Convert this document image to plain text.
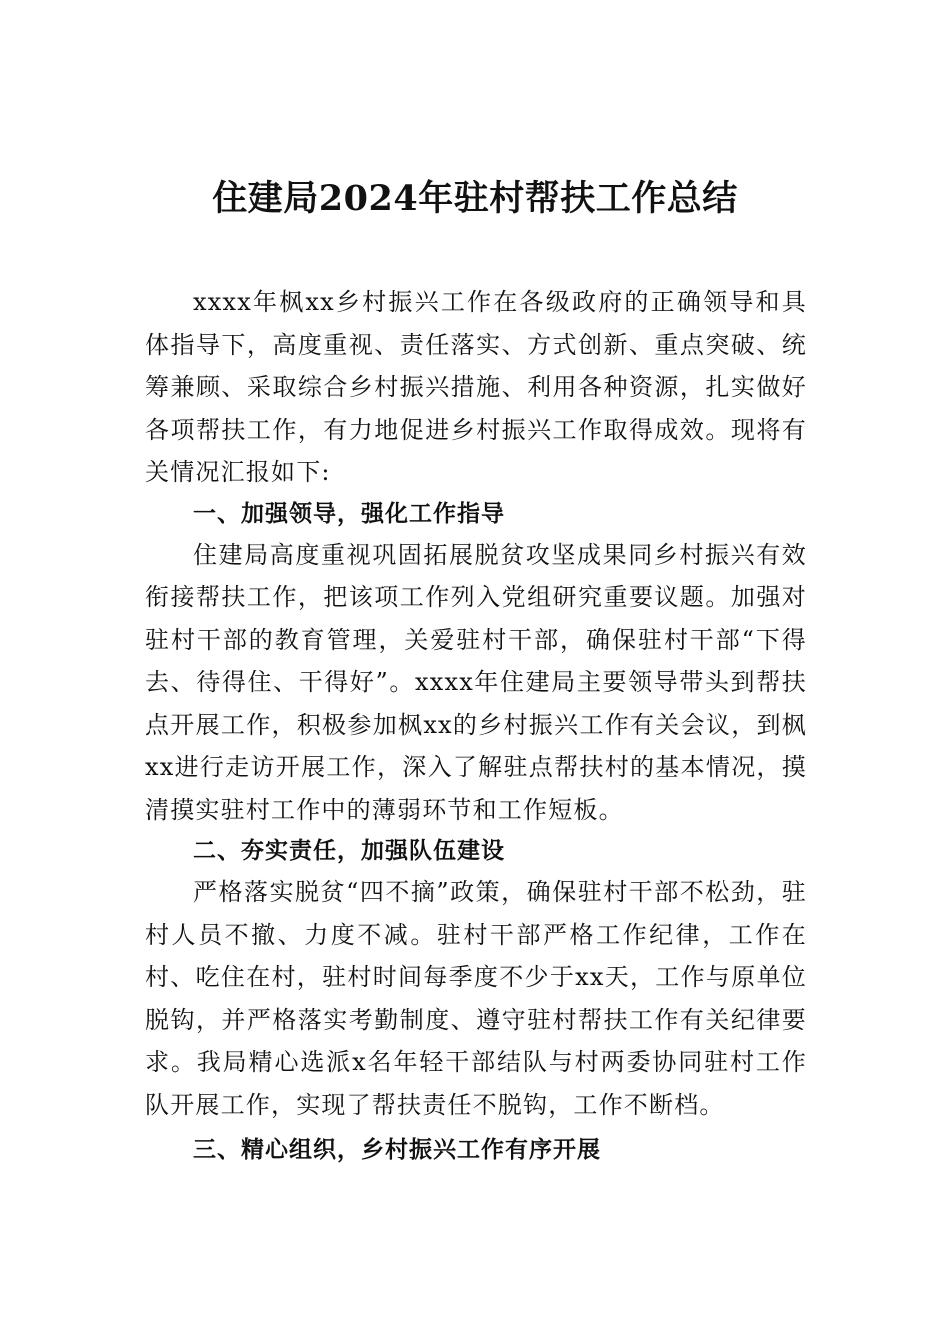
住建局2024年驻村帮扶工作总结

xxxx年枫xx乡村振兴工作在各级政府的正确领导和具体指导下，高度重视、责任落实、方式创新、重点突破、统筹兼顾、采取综合乡村振兴措施、利用各种资源，扎实做好各项帮扶工作，有力地促进乡村振兴工作取得成效。现将有关情况汇报如下:

一、加强领导，强化工作指导

住建局高度重视巩固拓展脱贫攻坚成果同乡村振兴有效衔接帮扶工作，把该项工作列入党组研究重要议题。加强对驻村干部的教育管理，关爱驻村干部，确保驻村干部“下得去、待得住、干得好”。xxxx年住建局主要领导带头到帮扶点开展工作，积极参加枫xx的乡村振兴工作有关会议，到枫xx进行走访开展工作，深入了解驻点帮扶村的基本情况，摸清摸实驻村工作中的薄弱环节和工作短板。

二、夯实责任，加强队伍建设

严格落实脱贫“四不摘”政策，确保驻村干部不松劲，驻村人员不撤、力度不减。驻村干部严格工作纪律，工作在村、吃住在村，驻村时间每季度不少于xx天，工作与原单位脱钩，并严格落实考勤制度、遵守驻村帮扶工作有关纪律要求。我局精心选派x名年轻干部结队与村两委协同驻村工作队开展工作，实现了帮扶责任不脱钩，工作不断档。

三、精心组织，乡村振兴工作有序开展
